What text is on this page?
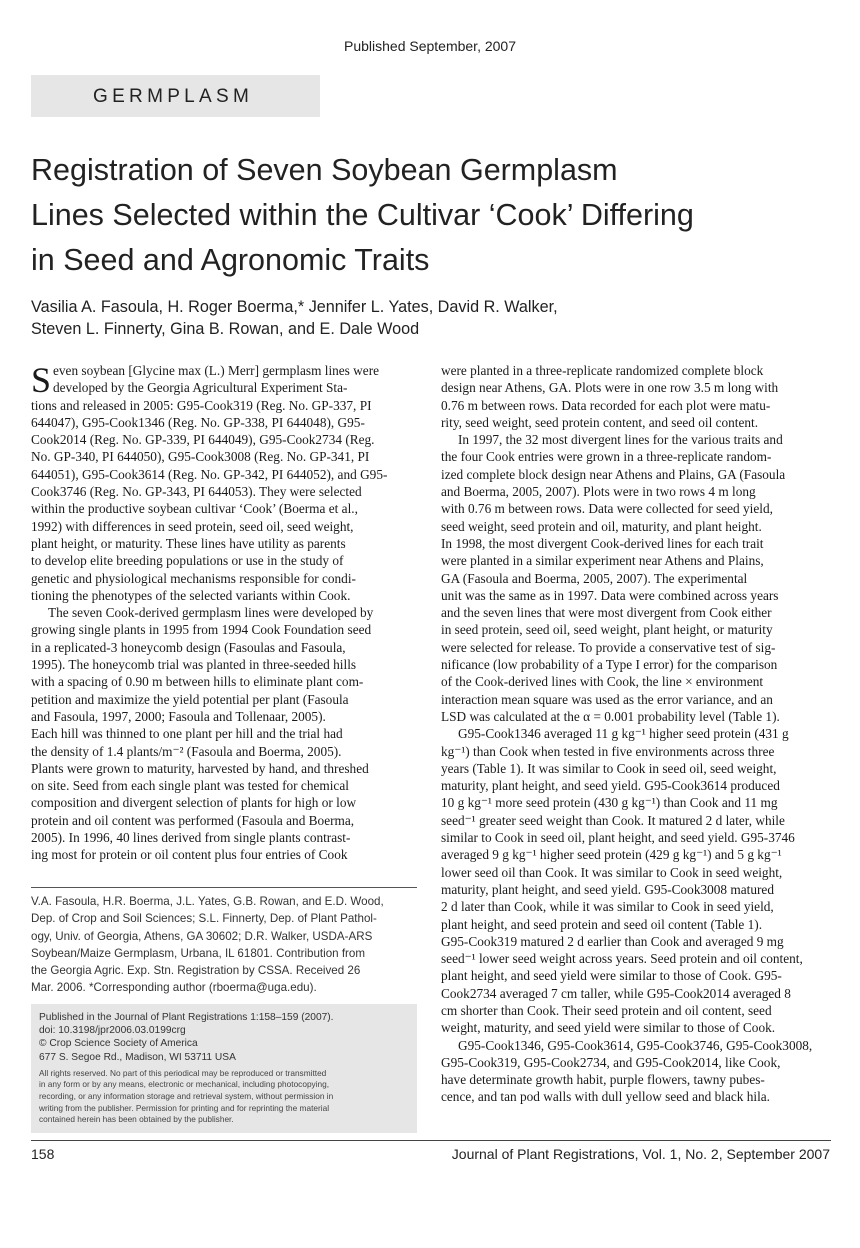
Published September, 2007
GERMPLASM
Registration of Seven Soybean Germplasm
Lines Selected within the Cultivar ‘Cook’ Differing
in Seed and Agronomic Traits
Vasilia A. Fasoula, H. Roger Boerma,* Jennifer L. Yates, David R. Walker,
Steven L. Finnerty, Gina B. Rowan, and E. Dale Wood
S even soybean [Glycine max (L.) Merr] germplasm lines were
developed by the Georgia Agricultural Experiment Sta-
tions and released in 2005: G95-Cook319 (Reg. No. GP-337, PI
644047), G95-Cook1346 (Reg. No. GP-338, PI 644048), G95-
Cook2014 (Reg. No. GP-339, PI 644049), G95-Cook2734 (Reg.
No. GP-340, PI 644050), G95-Cook3008 (Reg. No. GP-341, PI
644051), G95-Cook3614 (Reg. No. GP-342, PI 644052), and G95-
Cook3746 (Reg. No. GP-343, PI 644053). They were selected
within the productive soybean cultivar ‘Cook’ (Boerma et al.,
1992) with differences in seed protein, seed oil, seed weight,
plant height, or maturity. These lines have utility as parents
to develop elite breeding populations or use in the study of
genetic and physiological mechanisms responsible for condi-
tioning the phenotypes of the selected variants within Cook.
The seven Cook-derived germplasm lines were developed by
growing single plants in 1995 from 1994 Cook Foundation seed
in a replicated-3 honeycomb design (Fasoulas and Fasoula,
1995). The honeycomb trial was planted in three-seeded hills
with a spacing of 0.90 m between hills to eliminate plant com-
petition and maximize the yield potential per plant (Fasoula
and Fasoula, 1997, 2000; Fasoula and Tollenaar, 2005).
Each hill was thinned to one plant per hill and the trial had
the density of 1.4 plants/m⁻² (Fasoula and Boerma, 2005).
Plants were grown to maturity, harvested by hand, and threshed
on site. Seed from each single plant was tested for chemical
composition and divergent selection of plants for high or low
protein and oil content was performed (Fasoula and Boerma,
2005). In 1996, 40 lines derived from single plants contrast-
ing most for protein or oil content plus four entries of Cook
were planted in a three-replicate randomized complete block
design near Athens, GA. Plots were in one row 3.5 m long with
0.76 m between rows. Data recorded for each plot were matu-
rity, seed weight, seed protein content, and seed oil content.
In 1997, the 32 most divergent lines for the various traits and
the four Cook entries were grown in a three-replicate random-
ized complete block design near Athens and Plains, GA (Fasoula
and Boerma, 2005, 2007). Plots were in two rows 4 m long
with 0.76 m between rows. Data were collected for seed yield,
seed weight, seed protein and oil, maturity, and plant height.
In 1998, the most divergent Cook-derived lines for each trait
were planted in a similar experiment near Athens and Plains,
GA (Fasoula and Boerma, 2005, 2007). The experimental
unit was the same as in 1997. Data were combined across years
and the seven lines that were most divergent from Cook either
in seed protein, seed oil, seed weight, plant height, or maturity
were selected for release. To provide a conservative test of sig-
nificance (low probability of a Type I error) for the comparison
of the Cook-derived lines with Cook, the line × environment
interaction mean square was used as the error variance, and an
LSD was calculated at the α = 0.001 probability level (Table 1).
G95-Cook1346 averaged 11 g kg⁻¹ higher seed protein (431 g
kg⁻¹) than Cook when tested in five environments across three
years (Table 1). It was similar to Cook in seed oil, seed weight,
maturity, plant height, and seed yield. G95-Cook3614 produced
10 g kg⁻¹ more seed protein (430 g kg⁻¹) than Cook and 11 mg
seed⁻¹ greater seed weight than Cook. It matured 2 d later, while
similar to Cook in seed oil, plant height, and seed yield. G95-3746
averaged 9 g kg⁻¹ higher seed protein (429 g kg⁻¹) and 5 g kg⁻¹
lower seed oil than Cook. It was similar to Cook in seed weight,
maturity, plant height, and seed yield. G95-Cook3008 matured
2 d later than Cook, while it was similar to Cook in seed yield,
plant height, and seed protein and seed oil content (Table 1).
G95-Cook319 matured 2 d earlier than Cook and averaged 9 mg
seed⁻¹ lower seed weight across years. Seed protein and oil content,
plant height, and seed yield were similar to those of Cook. G95-
Cook2734 averaged 7 cm taller, while G95-Cook2014 averaged 8
cm shorter than Cook. Their seed protein and oil content, seed
weight, maturity, and seed yield were similar to those of Cook.
G95-Cook1346, G95-Cook3614, G95-Cook3746, G95-Cook3008,
G95-Cook319, G95-Cook2734, and G95-Cook2014, like Cook,
have determinate growth habit, purple flowers, tawny pubes-
cence, and tan pod walls with dull yellow seed and black hila.
V.A. Fasoula, H.R. Boerma, J.L. Yates, G.B. Rowan, and E.D. Wood,
Dep. of Crop and Soil Sciences; S.L. Finnerty, Dep. of Plant Pathol-
ogy, Univ. of Georgia, Athens, GA 30602; D.R. Walker, USDA-ARS
Soybean/Maize Germplasm, Urbana, IL 61801. Contribution from
the Georgia Agric. Exp. Stn. Registration by CSSA. Received 26
Mar. 2006. *Corresponding author (rboerma@uga.edu).
Published in the Journal of Plant Registrations 1:158–159 (2007).
doi: 10.3198/jpr2006.03.0199crg
© Crop Science Society of America
677 S. Segoe Rd., Madison, WI 53711 USA
All rights reserved. No part of this periodical may be reproduced or transmitted
in any form or by any means, electronic or mechanical, including photocopying,
recording, or any information storage and retrieval system, without permission in
writing from the publisher. Permission for printing and for reprinting the material
contained herein has been obtained by the publisher.
158	Journal of Plant Registrations, Vol. 1, No. 2, September 2007
